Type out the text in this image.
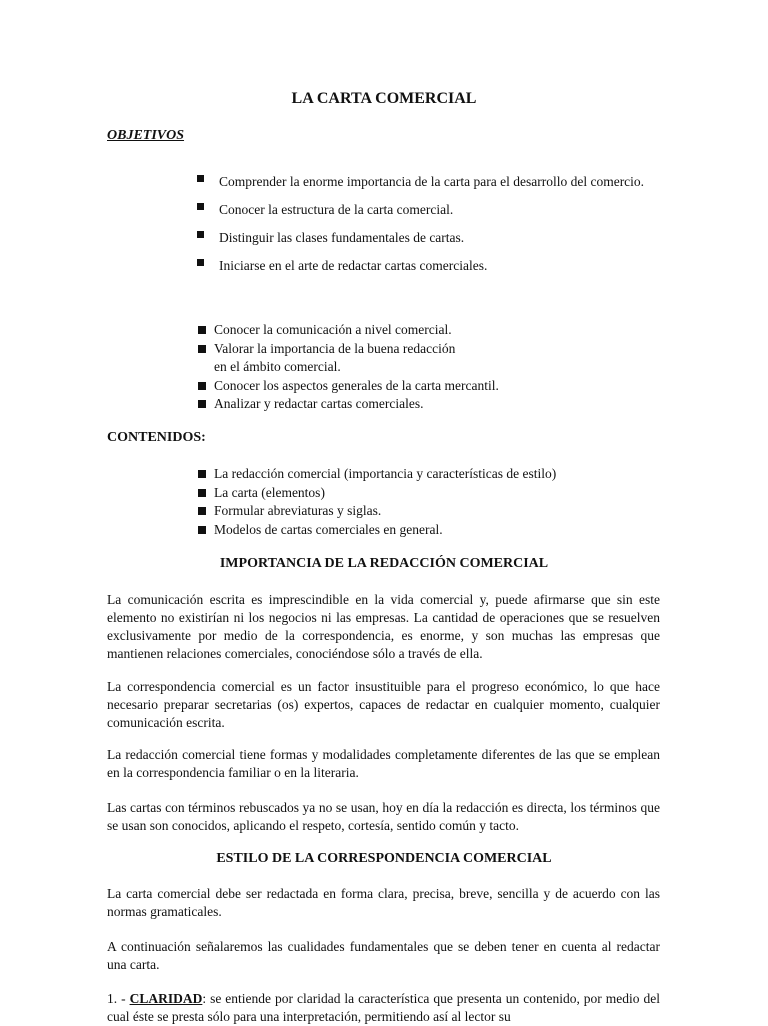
LA CARTA COMERCIAL
OBJETIVOS
Comprender la enorme importancia de la carta para el desarrollo del comercio.
Conocer la estructura de la carta comercial.
Distinguir las clases fundamentales de cartas.
Iniciarse en el arte de redactar cartas comerciales.
Conocer la comunicación a nivel comercial.
Valorar la importancia de la buena redacción
en el ámbito comercial.
Conocer los aspectos generales de la carta mercantil.
Analizar y redactar cartas comerciales.
CONTENIDOS:
La redacción comercial (importancia y características de estilo)
La carta (elementos)
Formular abreviaturas y siglas.
Modelos de cartas comerciales en general.
IMPORTANCIA DE LA REDACCIÓN COMERCIAL

La comunicación escrita es imprescindible en la vida comercial y, puede afirmarse que sin este elemento no existirían ni los negocios ni las empresas. La cantidad de operaciones que se resuelven exclusivamente por medio de la correspondencia, es enorme, y son muchas las empresas que mantienen relaciones comerciales, conociéndose sólo a través de ella.

La correspondencia comercial es un factor insustituible para el progreso económico, lo que hace necesario preparar secretarias (os) expertos, capaces de redactar en cualquier momento, cualquier comunicación escrita.

La redacción comercial tiene formas y modalidades completamente diferentes de las que se emplean en la correspondencia familiar o en la literaria.

Las cartas con términos rebuscados ya no se usan, hoy en día la redacción es directa, los términos que se usan son conocidos, aplicando el respeto, cortesía, sentido común y tacto.

ESTILO DE LA CORRESPONDENCIA COMERCIAL

La carta comercial debe ser redactada en forma clara, precisa, breve, sencilla y de acuerdo con las normas gramaticales.

A continuación señalaremos las cualidades fundamentales que se deben tener en cuenta al redactar una carta.

1. - CLARIDAD: se entiende por claridad la característica que presenta un contenido, por medio del cual éste se presta sólo para una interpretación, permitiendo así al lector su
